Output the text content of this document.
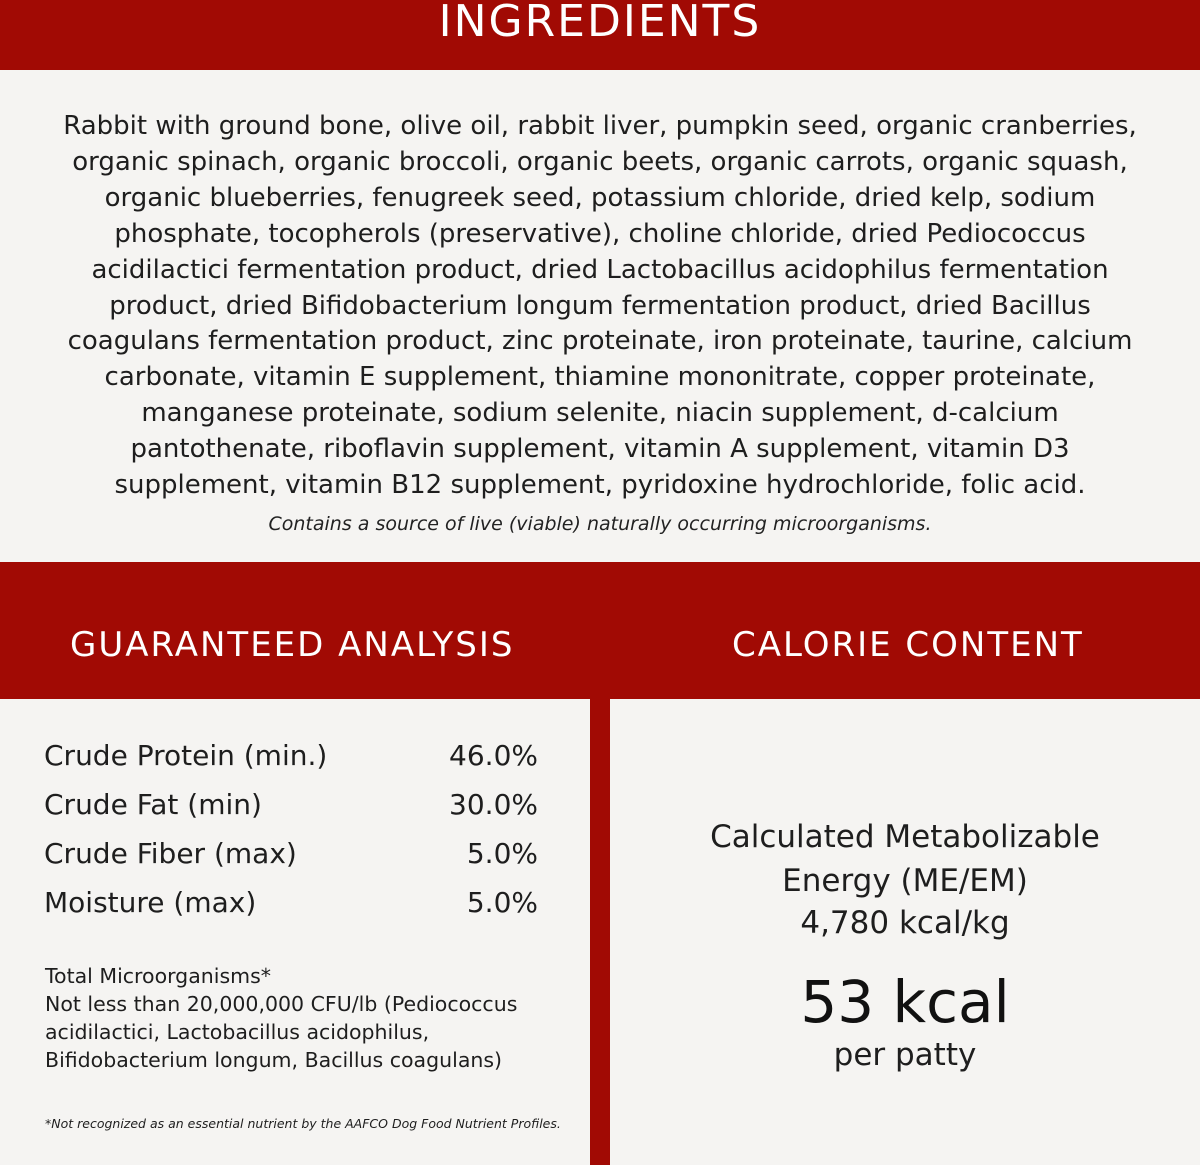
INGREDIENTS
Rabbit with ground bone, olive oil, rabbit liver, pumpkin seed, organic cranberries,
organic spinach, organic broccoli, organic beets, organic carrots, organic squash,
organic blueberries, fenugreek seed, potassium chloride, dried kelp, sodium
phosphate, tocopherols (preservative), choline chloride, dried Pediococcus
acidilactici fermentation product, dried Lactobacillus acidophilus fermentation
product, dried Bifidobacterium longum fermentation product, dried Bacillus
coagulans fermentation product, zinc proteinate, iron proteinate, taurine, calcium
carbonate, vitamin E supplement, thiamine mononitrate, copper proteinate,
manganese proteinate, sodium selenite, niacin supplement, d-calcium
pantothenate, riboflavin supplement, vitamin A supplement, vitamin D3
supplement, vitamin B12 supplement, pyridoxine hydrochloride, folic acid.
Contains a source of live (viable) naturally occurring microorganisms.
GUARANTEED ANALYSIS	CALORIE CONTENT
Crude Protein (min.)	46.0%
Crude Fat (min)	30.0%
Crude Fiber (max)	5.0%
Moisture (max)	5.0%
Total Microorganisms*
Not less than 20,000,000 CFU/lb (Pediococcus
acidilactici, Lactobacillus acidophilus,
Bifidobacterium longum, Bacillus coagulans)
*Not recognized as an essential nutrient by the AAFCO Dog Food Nutrient Profiles.
Calculated Metabolizable
Energy (ME/EM)
4,780 kcal/kg
53 kcal
per patty
